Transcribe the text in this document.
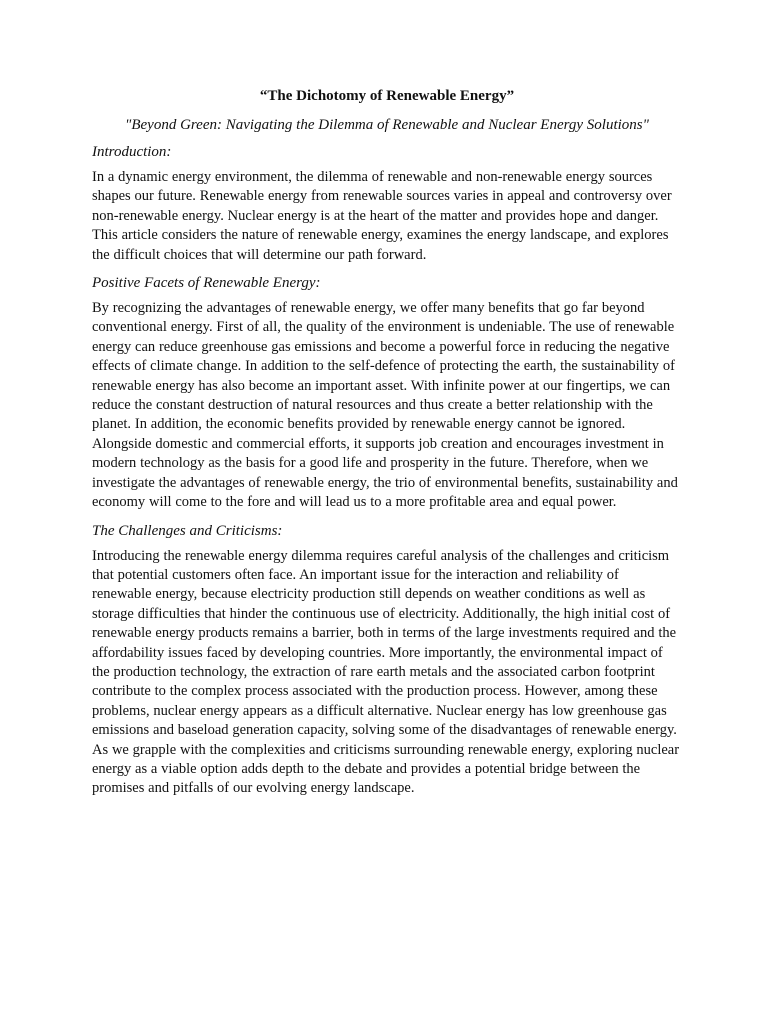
“The Dichotomy of Renewable Energy”

"Beyond Green: Navigating the Dilemma of Renewable and Nuclear Energy Solutions"

Introduction:

In a dynamic energy environment, the dilemma of renewable and non-renewable energy sources shapes our future. Renewable energy from renewable sources varies in appeal and controversy over non-renewable energy. Nuclear energy is at the heart of the matter and provides hope and danger. This article considers the nature of renewable energy, examines the energy landscape, and explores the difficult choices that will determine our path forward.

Positive Facets of Renewable Energy:

By recognizing the advantages of renewable energy, we offer many benefits that go far beyond conventional energy. First of all, the quality of the environment is undeniable. The use of renewable energy can reduce greenhouse gas emissions and become a powerful force in reducing the negative effects of climate change. In addition to the self-defence of protecting the earth, the sustainability of renewable energy has also become an important asset. With infinite power at our fingertips, we can reduce the constant destruction of natural resources and thus create a better relationship with the planet. In addition, the economic benefits provided by renewable energy cannot be ignored. Alongside domestic and commercial efforts, it supports job creation and encourages investment in modern technology as the basis for a good life and prosperity in the future. Therefore, when we investigate the advantages of renewable energy, the trio of environmental benefits, sustainability and economy will come to the fore and will lead us to a more profitable area and equal power.

The Challenges and Criticisms:

Introducing the renewable energy dilemma requires careful analysis of the challenges and criticism that potential customers often face. An important issue for the interaction and reliability of renewable energy, because electricity production still depends on weather conditions as well as storage difficulties that hinder the continuous use of electricity. Additionally, the high initial cost of renewable energy products remains a barrier, both in terms of the large investments required and the affordability issues faced by developing countries. More importantly, the environmental impact of the production technology, the extraction of rare earth metals and the associated carbon footprint contribute to the complex process associated with the production process. However, among these problems, nuclear energy appears as a difficult alternative. Nuclear energy has low greenhouse gas emissions and baseload generation capacity, solving some of the disadvantages of renewable energy. As we grapple with the complexities and criticisms surrounding renewable energy, exploring nuclear energy as a viable option adds depth to the debate and provides a potential bridge between the promises and pitfalls of our evolving energy landscape.
